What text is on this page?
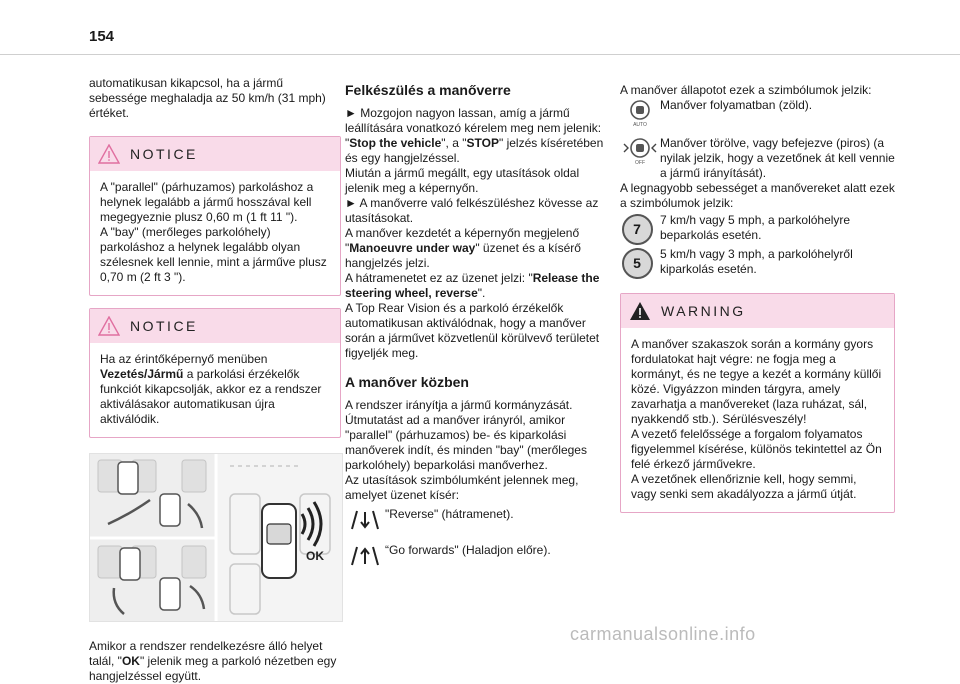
154

automatikusan kikapcsol, ha a jármű sebessége meghaladja az 50 km/h (31 mph) értéket.

NOTICE
A "parallel" (párhuzamos) parkoláshoz a helynek legalább a jármű hosszával kell megegyeznie plusz 0,60 m (1 ft 11 ").
A "bay" (merőleges parkolóhely) parkoláshoz a helynek legalább olyan szélesnek kell lennie, mint a járműve plusz 0,70 m (2 ft 3 ").
NOTICE
Ha az érintőképernyő menüben Vezetés/Jármű a parkolási érzékelők funkciót kikapcsolják, akkor ez a rendszer aktiválásakor automatikusan újra aktiválódik.
OK

Amikor a rendszer rendelkezésre álló helyet talál, "OK" jelenik meg a parkoló nézetben egy hangjelzéssel együtt.

Felkészülés a manőverre

► Mozgojon nagyon lassan, amíg a jármű leállítására vonatkozó kérelem meg nem jelenik: "Stop the vehicle", a "STOP" jelzés kíséretében és egy hangjelzéssel.

Miután a jármű megállt, egy utasítások oldal jelenik meg a képernyőn.

► A manőverre való felkészüléshez kövesse az utasításokat.

A manőver kezdetét a képernyőn megjelenő "Manoeuvre under way" üzenet és a kísérő hangjelzés jelzi.

A hátramenetet ez az üzenet jelzi: "Release the steering wheel, reverse".

A Top Rear Vision és a parkoló érzékelők automatikusan aktiválódnak, hogy a manőver során a járművet közvetlenül körülvevő területet figyeljék meg.

A manőver közben

A rendszer irányítja a jármű kormányzását.
Útmutatást ad a manőver irányról, amikor "parallel" (párhuzamos) be- és kiparkolási manőverek indít, és minden "bay" (merőleges parkolóhely) beparkolási manőverhez.
Az utasítások szimbólumként jelennek meg, amelyet üzenet kísér:

"Reverse" (hátramenet).
“Go forwards" (Haladjon előre).

A manőver állapotot ezek a szimbólumok jelzik:

AUTO
Manőver folyamatban (zöld).
OFF
Manőver törölve, vagy befejezve (piros) (a
nyilak jelzik, hogy a vezetőnek át kell vennie a jármű irányítását).

A legnagyobb sebességet a manővereket alatt ezek a szimbólumok jelzik:

7
7 km/h vagy 5 mph, a parkolóhelyre beparkolás esetén.
5
5 km/h vagy 3 mph, a parkolóhelyről kiparkolás esetén.
WARNING
A manőver szakaszok során a kormány gyors fordulatokat hajt végre: ne fogja meg a kormányt, és ne tegye a kezét a kormány küllői közé. Vigyázzon minden tárgyra, amely zavarhatja a manővereket (laza ruházat, sál, nyakkendő stb.). Sérülésveszély!
A vezető felelőssége a forgalom folyamatos figyelemmel kísérése, különös tekintettel az Ön felé érkező járművekre.
A vezetőnek ellenőriznie kell, hogy semmi, vagy senki sem akadályozza a jármű útját.
carmanualsonline.info
